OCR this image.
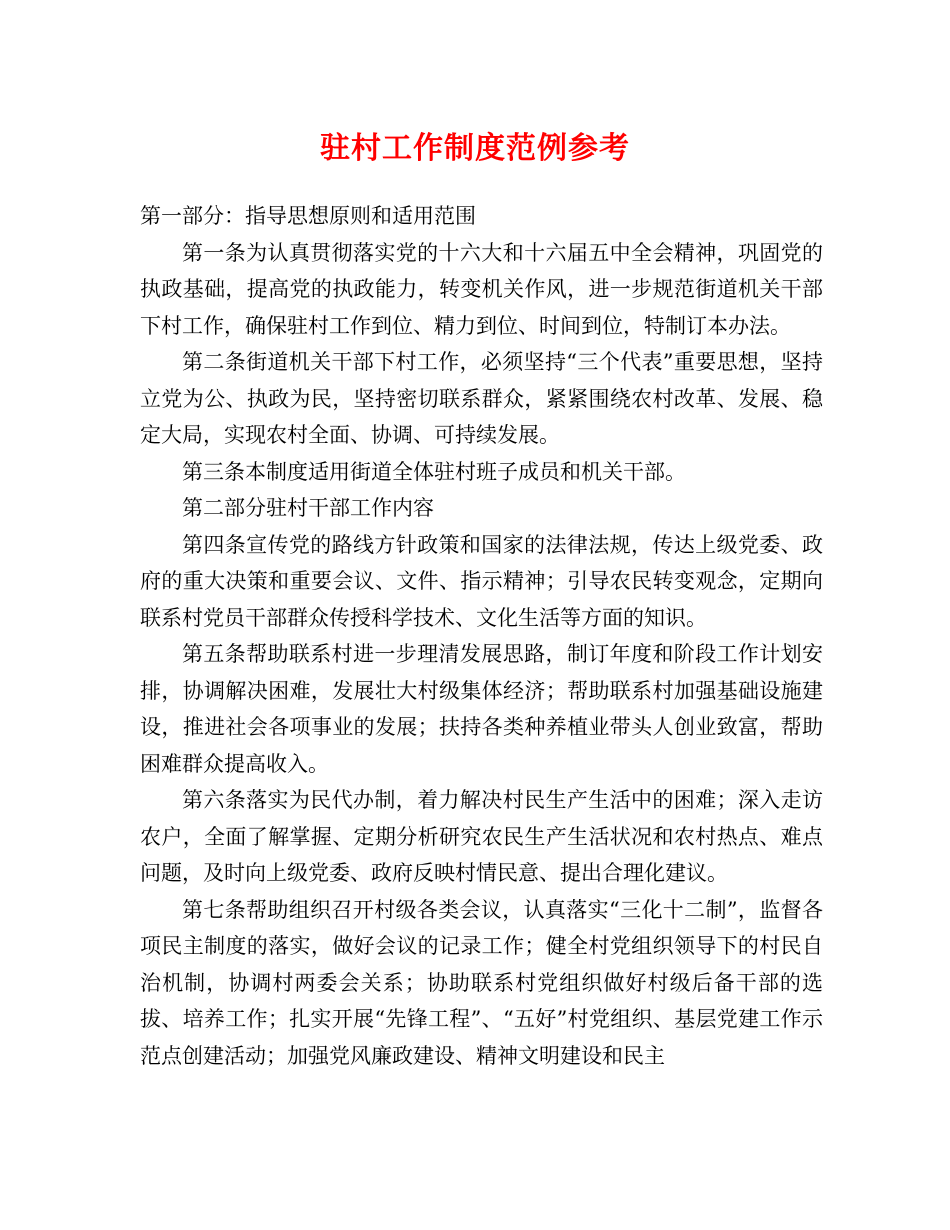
驻村工作制度范例参考

第一部分：指导思想原则和适用范围

第一条为认真贯彻落实党的十六大和十六届五中全会精神，巩固党的执政基础，提高党的执政能力，转变机关作风，进一步规范街道机关干部下村工作，确保驻村工作到位、精力到位、时间到位，特制订本办法。

第二条街道机关干部下村工作，必须坚持“三个代表”重要思想，坚持立党为公、执政为民，坚持密切联系群众，紧紧围绕农村改革、发展、稳定大局，实现农村全面、协调、可持续发展。

第三条本制度适用街道全体驻村班子成员和机关干部。

第二部分驻村干部工作内容

第四条宣传党的路线方针政策和国家的法律法规，传达上级党委、政府的重大决策和重要会议、文件、指示精神；引导农民转变观念，定期向联系村党员干部群众传授科学技术、文化生活等方面的知识。

第五条帮助联系村进一步理清发展思路，制订年度和阶段工作计划安排，协调解决困难，发展壮大村级集体经济；帮助联系村加强基础设施建设，推进社会各项事业的发展；扶持各类种养植业带头人创业致富，帮助困难群众提高收入。

第六条落实为民代办制，着力解决村民生产生活中的困难；深入走访农户，全面了解掌握、定期分析研究农民生产生活状况和农村热点、难点问题，及时向上级党委、政府反映村情民意、提出合理化建议。

第七条帮助组织召开村级各类会议，认真落实“三化十二制”，监督各项民主制度的落实，做好会议的记录工作；健全村党组织领导下的村民自治机制，协调村两委会关系；协助联系村党组织做好村级后备干部的选拔、培养工作；扎实开展“先锋工程”、“五好”村党组织、基层党建工作示范点创建活动；加强党风廉政建设、精神文明建设和民主
